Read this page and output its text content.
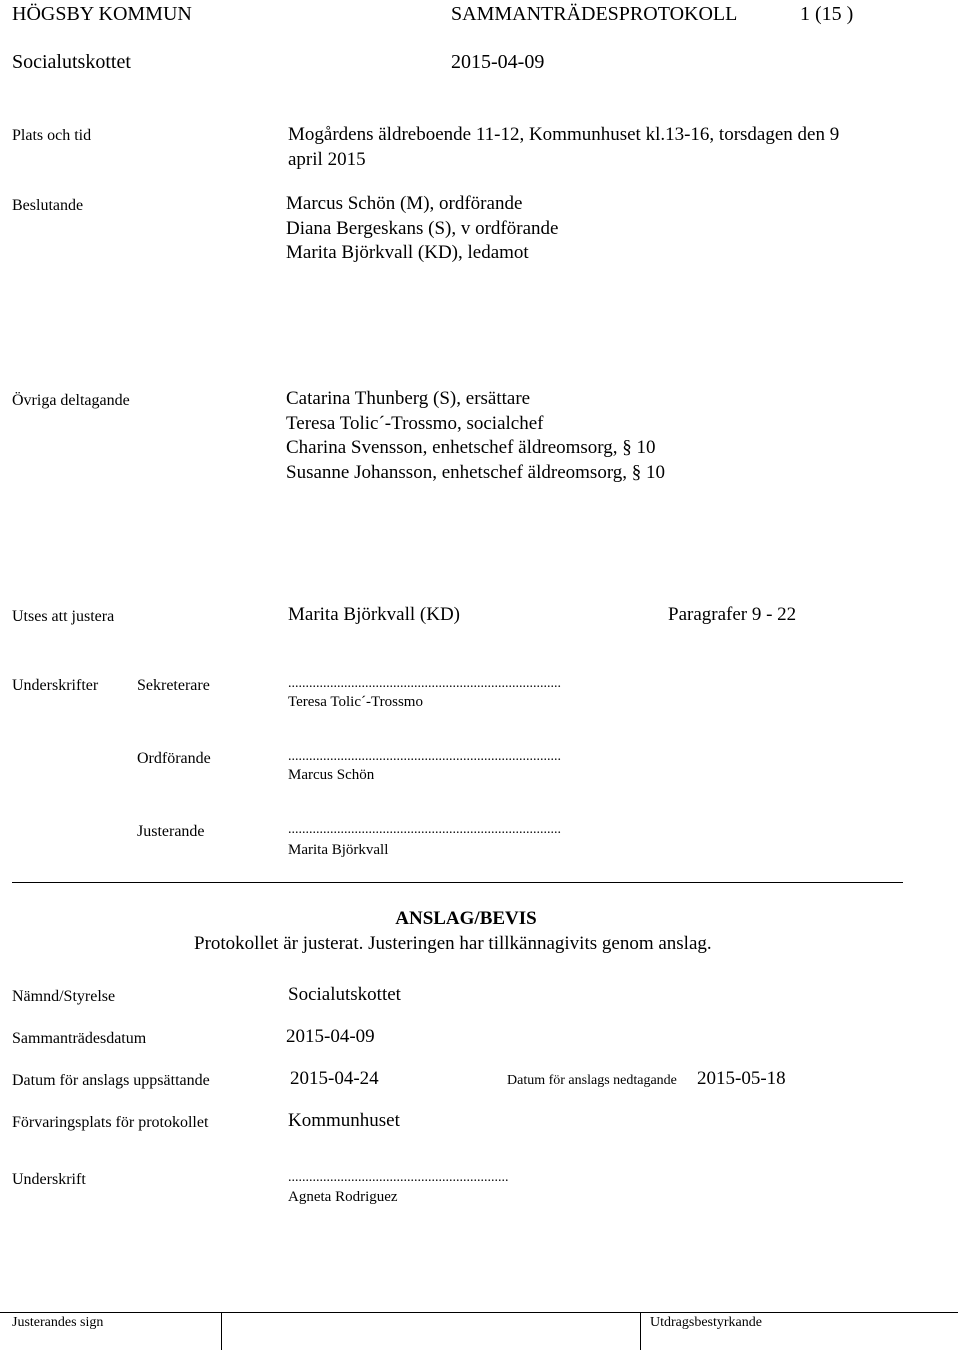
HÖGSBY KOMMUN	SAMMANTRÄDESPROTOKOLL	1 (15 )
Socialutskottet	2015-04-09
Plats och tid	Mogårdens äldreboende 11-12, Kommunhuset kl.13-16, torsdagen den 9
april 2015
Beslutande	Marcus Schön (M), ordförande
Diana Bergeskans (S), v ordförande
Marita Björkvall (KD), ledamot
Övriga deltagande	Catarina Thunberg (S), ersättare
Teresa Tolic´-Trossmo, socialchef
Charina Svensson, enhetschef äldreomsorg, § 10
Susanne Johansson, enhetschef äldreomsorg, § 10
Utses att justera	Marita Björkvall (KD)	Paragrafer 9 - 22
Underskrifter Sekreterare	..............................................................................
Teresa Tolic´-Trossmo
Ordförande	..............................................................................
Marcus Schön
Justerande	..............................................................................
Marita Björkvall
ANSLAG/BEVIS
Protokollet är justerat. Justeringen har tillkännagivits genom anslag.
Nämnd/Styrelse	Socialutskottet
Sammanträdesdatum	2015-04-09
Datum för anslags uppsättande	2015-04-24	Datum för anslags nedtagande 2015-05-18
Förvaringsplats för protokollet	Kommunhuset
Underskrift	...............................................................
Agneta Rodriguez
Justerandes sign	Utdragsbestyrkande
